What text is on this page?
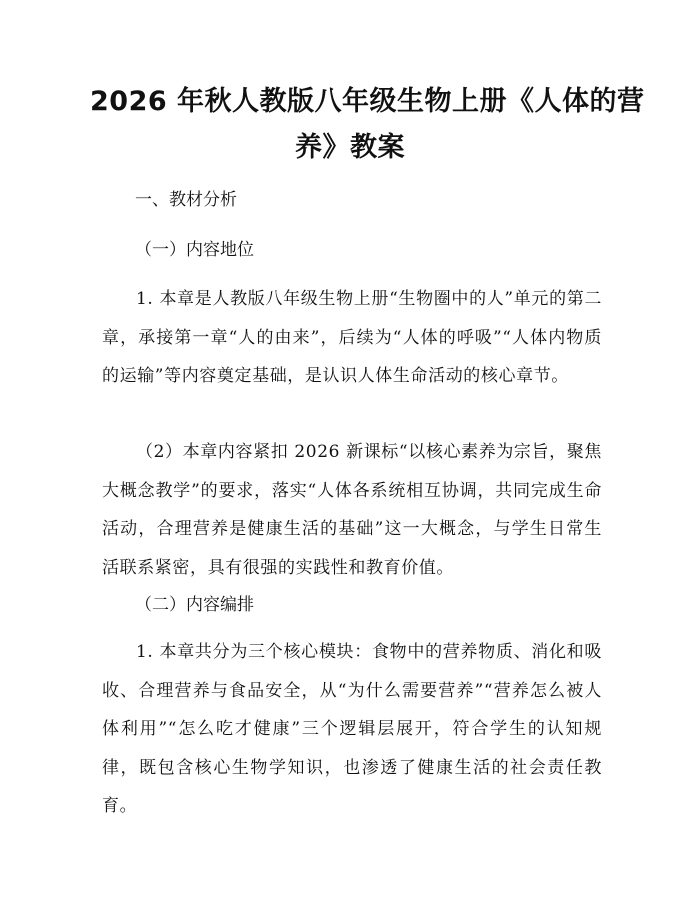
2026 年秋人教版八年级生物上册《人体的营
养》教案

一、教材分析

（一）内容地位

1. 本章是人教版八年级生物上册“生物圈中的人”单元的第二章，承接第一章“人的由来”，后续为“人体的呼吸”“人体内物质的运输”等内容奠定基础，是认识人体生命活动的核心章节。

（2）本章内容紧扣 2026 新课标“以核心素养为宗旨，聚焦大概念教学”的要求，落实“人体各系统相互协调，共同完成生命活动，合理营养是健康生活的基础”这一大概念，与学生日常生活联系紧密，具有很强的实践性和教育价值。

（二）内容编排

1. 本章共分为三个核心模块：食物中的营养物质、消化和吸收、合理营养与食品安全，从“为什么需要营养”“营养怎么被人体利用”“怎么吃才健康”三个逻辑层展开，符合学生的认知规律，既包含核心生物学知识，也渗透了健康生活的社会责任教育。
